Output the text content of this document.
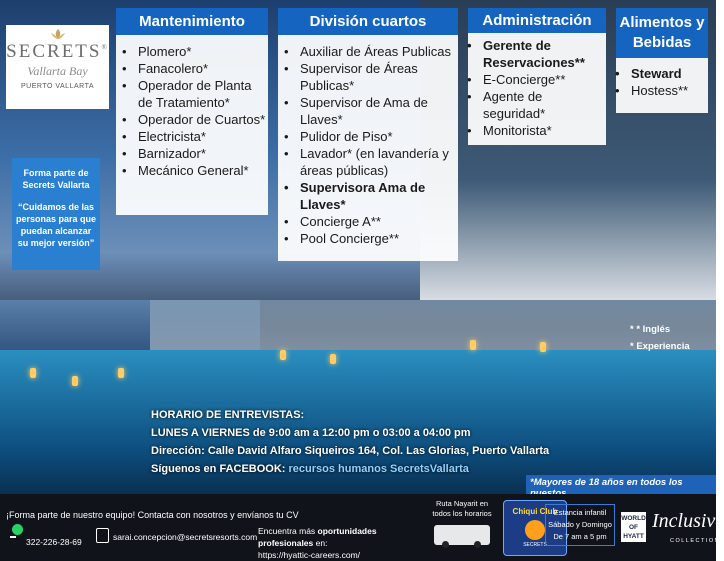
SECRETS®
Vallarta Bay
PUERTO VALLARTA

Forma parte de Secrets Vallarta

“Cuidamos de las personas para que puedan alcanzar su mejor versión”

Mantenimiento
• Plomero*
• Fanacolero*
• Operador de Planta de Tratamiento*
• Operador de Cuartos*
• Electricista*
• Barnizador*
• Mecánico General*
División cuartos
• Auxiliar de Áreas Publicas
• Supervisor de Áreas Publicas*
• Supervisor de Ama de Llaves*
• Pulidor de Piso*
• Lavador* (en lavandería y áreas públicas)
• Supervisora Ama de Llaves*
• Concierge A**
• Pool Concierge**
Administración
• Gerente de Reservaciones**
• E-Concierge**
• Agente de seguridad*
• Monitorista*
Alimentos y Bebidas
• Steward
• Hostess**
* * Inglés
* Experiencia
HORARIO DE ENTREVISTAS:
LUNES A VIERNES de 9:00 am a 12:00 pm o 03:00 a 04:00 pm
Dirección: Calle David Alfaro Siqueiros 164, Col. Las Glorias, Puerto Vallarta
Síguenos en FACEBOOK: recursos humanos SecretsVallarta
*Mayores de 18 años en todos los
¡Forma parte de nuestro equipo! Contacta con nosotros y envíanos tu CV
322-226-28-69	sarai.concepcion@secretsresorts.com
Encuentra más oportunidades profesionales en:
https://hyattic-careers.com/
Ruta Nayarit en todos los horarios	Chiqui Club
SECRETS
Estancia infantil Sábado y Domingo De 7 am a 5 pm
WORLD
OF
HYATT
Inclusive
COLLECTION
